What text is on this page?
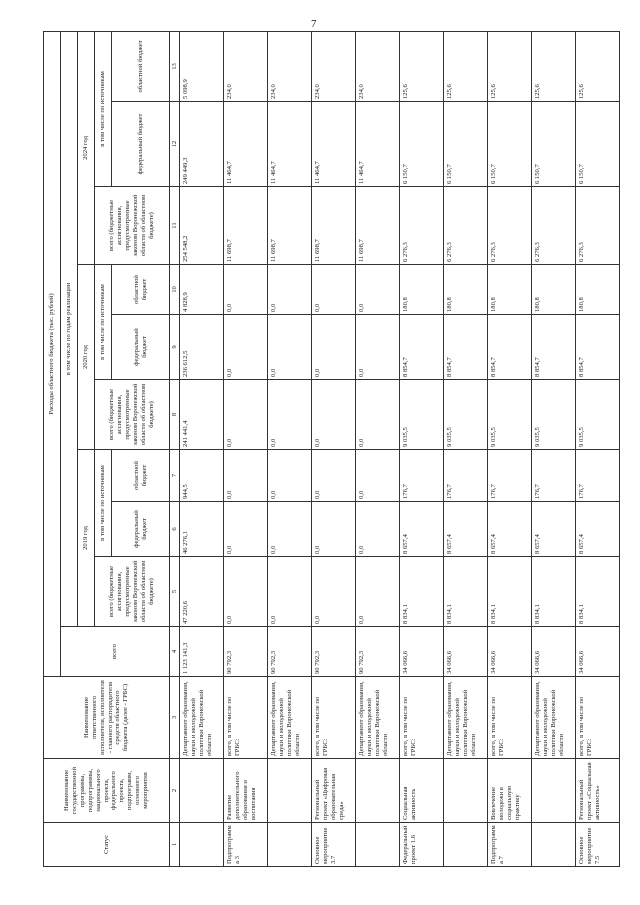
7
Статус	Наименование государственной программы, подпрограммы, национального проекта, федерального проекта, подпрограмм, основного мероприятия	Наименование ответственного исполнителя, исполнителя - главного распорядителя средств областного бюджета (далее - ГРБС)	Расходы областного бюджета (тыс. рублей)									
			всего	в том числе по годам реализации								
				2019 год			2020 год			2024 год		
				всего (бюджетные ассигнования, предусмотренные законом Воронежской области об областном бюджете)	в том числе по источникам		всего (бюджетные ассигнования, предусмотренные законом Воронежской области об областном бюджете)	в том числе по источникам		всего (бюджетные ассигнования, предусмотренные законом Воронежской области об областном бюджете)	в том числе по источникам	
					федеральный бюджет	областной бюджет		федеральный бюджет	областной бюджет		федеральный бюджет	областной бюджет
1	2	3	4	5	6	7	8	9	10	11	12	13
		Департамент образования, науки и молодежной политики Воронежской области	1 123 141,3	47 220,6	46 276,1	944,5	241 441,4	236 612,5	4 828,9	254 548,2	249 449,3	5 098,9
Подпрограмма 3	Развитие дополнительного образования и воспитания	всего, в том числе по ГРБС:	90 792,3	0,0	0,0	0,0	0,0	0,0	0,0	11 698,7	11 464,7	234,0
		Департамент образования, науки и молодежной политики Воронежской области	90 792,3	0,0	0,0	0,0	0,0	0,0	0,0	11 698,7	11 464,7	234,0
Основное мероприятие 3.7	Региональный проект «Цифровая образовательная среда»	всего, в том числе по ГРБС:	90 792,3	0,0	0,0	0,0	0,0	0,0	0,0	11 698,7	11 464,7	234,0
		Департамент образования, науки и молодежной политики Воронежской области	90 792,3	0,0	0,0	0,0	0,0	0,0	0,0	11 698,7	11 464,7	234,0
Федеральный проект 1.6	Социальная активность	всего, в том числе по ГРБС:	34 066,6	8 834,1	8 657,4	176,7	9 035,5	8 854,7	180,8	6 276,3	6 150,7	125,6
		Департамент образования, науки и молодежной политики Воронежской области	34 066,6	8 834,1	8 657,4	176,7	9 035,5	8 854,7	180,8	6 276,3	6 150,7	125,6
Подпрограмма 7	Вовлечение молодежи в социальную практику	всего, в том числе по ГРБС:	34 066,6	8 834,1	8 657,4	176,7	9 035,5	8 854,7	180,8	6 276,3	6 150,7	125,6
		Департамент образования, науки и молодежной политики Воронежской области	34 066,6	8 834,1	8 657,4	176,7	9 035,5	8 854,7	180,8	6 276,3	6 150,7	125,6
Основное мероприятие 7.5	Региональный проект «Социальная активность»	всего, в том числе по ГРБС:	34 066,6	8 834,1	8 657,4	176,7	9 035,5	8 854,7	180,8	6 276,3	6 150,7	125,6
